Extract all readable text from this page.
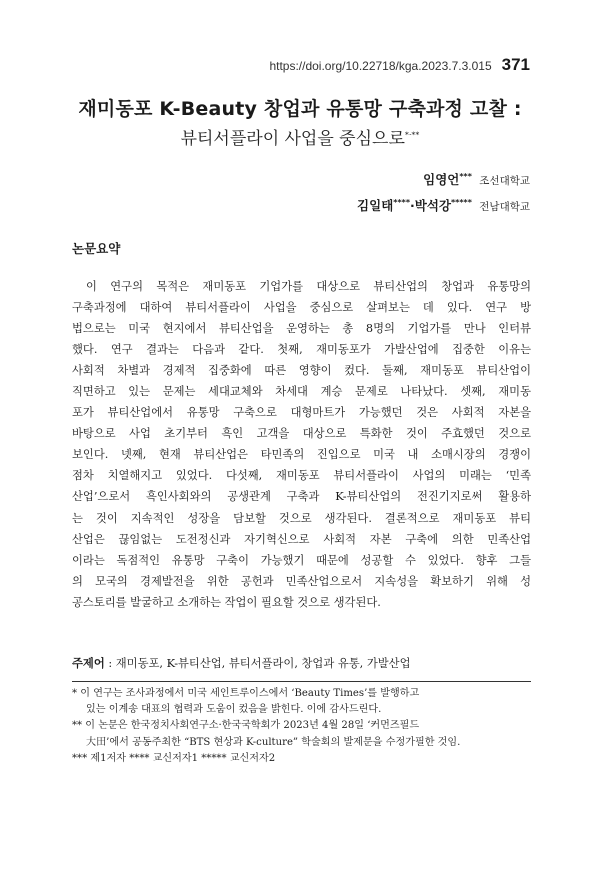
https://doi.org/10.22718/kga.2023.7.3.015 371
재미동포 K-Beauty 창업과 유통망 구축과정 고찰 :
뷰티서플라이 사업을 중심으로*·**
임영언*** 조선대학교
김일태****·박석강***** 전남대학교
논문요약
이 연구의 목적은 재미동포 기업가를 대상으로 뷰티산업의 창업과 유통망의
구축과정에 대하여 뷰티서플라이 사업을 중심으로 살펴보는 데 있다. 연구 방
법으로는 미국 현지에서 뷰티산업을 운영하는 총 8명의 기업가를 만나 인터뷰
했다. 연구 결과는 다음과 같다. 첫째, 재미동포가 가발산업에 집중한 이유는
사회적 차별과 경제적 집중화에 따른 영향이 컸다. 둘째, 재미동포 뷰티산업이
직면하고 있는 문제는 세대교체와 차세대 계승 문제로 나타났다. 셋째, 재미동
포가 뷰티산업에서 유통망 구축으로 대형마트가 가능했던 것은 사회적 자본을
바탕으로 사업 초기부터 흑인 고객을 대상으로 특화한 것이 주효했던 것으로
보인다. 넷째, 현재 뷰티산업은 타민족의 진입으로 미국 내 소매시장의 경쟁이
점차 치열해지고 있었다. 다섯째, 재미동포 뷰티서플라이 사업의 미래는 ‘민족
산업’으로서 흑인사회와의 공생관계 구축과 K-뷰티산업의 전진기지로써 활용하
는 것이 지속적인 성장을 담보할 것으로 생각된다. 결론적으로 재미동포 뷰티
산업은 끊임없는 도전정신과 자기혁신으로 사회적 자본 구축에 의한 민족산업
이라는 독점적인 유통망 구축이 가능했기 때문에 성공할 수 있었다. 향후 그들
의 모국의 경제발전을 위한 공헌과 민족산업으로서 지속성을 확보하기 위해 성
공스토리를 발굴하고 소개하는 작업이 필요할 것으로 생각된다.
주제어 : 재미동포, K-뷰티산업, 뷰티서플라이, 창업과 유통, 가발산업
* 이 연구는 조사과정에서 미국 세인트루이스에서 ‘Beauty Times’를 발행하고
있는 이계송 대표의 협력과 도움이 컸음을 밝힌다. 이에 감사드린다.
** 이 논문은 한국정치사회연구소·한국국학회가 2023년 4월 28일 ‘커먼즈필드
大田’에서 공동주최한 “BTS 현상과 K-culture” 학술회의 발제문을 수정가필한 것임.
*** 제1저자 **** 교신저자1 ***** 교신저자2
